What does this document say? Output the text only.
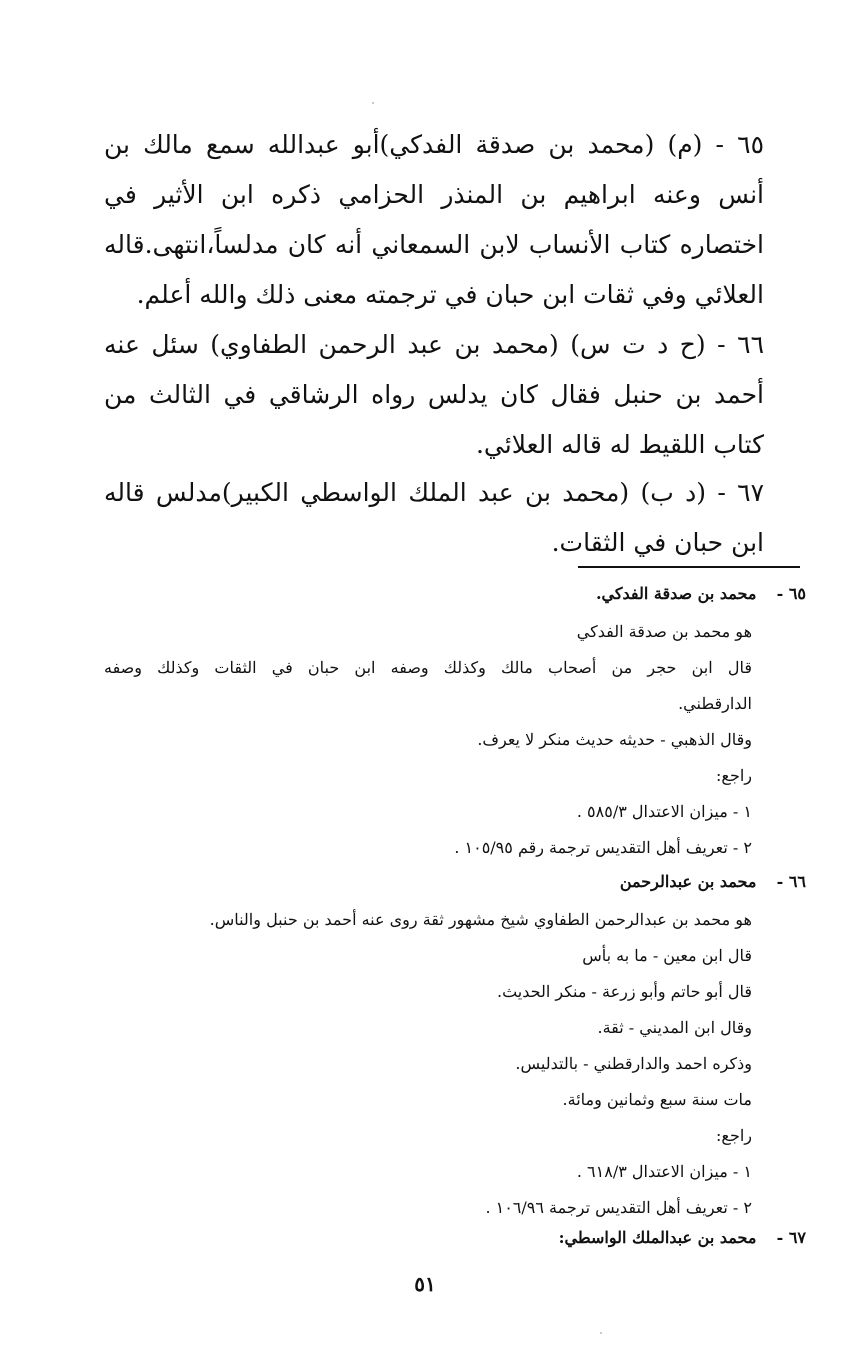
٦٥ - (م) (محمد بن صدقة الفدكي)أبو عبدالله سمع مالك بن أنس وعنه ابراهيم بن المنذر الحزامي ذكره ابن الأثير في اختصاره كتاب الأنساب لابن السمعاني أنه كان مدلساً،انتهى.قاله العلائي وفي ثقات ابن حبان في ترجمته معنى ذلك والله أعلم.
٦٦ - (ح د ت س) (محمد بن عبد الرحمن الطفاوي) سئل عنه أحمد بن حنبل فقال كان يدلس رواه الرشاقي في الثالث من كتاب اللقيط له قاله العلائي.
٦٧ - (د ب) (محمد بن عبد الملك الواسطي الكبير)مدلس قاله ابن حبان في الثقات.
٦٥ - محمد بن صدقة الفدكي.
هو محمد بن صدقة الفدكي
قال ابن حجر من أصحاب مالك وكذلك وصفه ابن حبان في الثقات وكذلك وصفه
الدارقطني.
وقال الذهبي - حديثه حديث منكر لا يعرف.
راجع:
١ - ميزان الاعتدال ٥٨٥/٣ .
٢ - تعريف أهل التقديس ترجمة رقم ١٠٥/٩٥ .
٦٦ - محمد بن عبدالرحمن
هو محمد بن عبدالرحمن الطفاوي شيخ مشهور ثقة روى عنه أحمد بن حنبل والناس.
قال ابن معين - ما به بأس
قال أبو حاتم وأبو زرعة - منكر الحديث.
وقال ابن المديني - ثقة.
وذكره احمد والدارقطني - بالتدليس.
مات سنة سبع وثمانين ومائة.
راجع:
١ - ميزان الاعتدال ٦١٨/٣ .
٢ - تعريف أهل التقديس ترجمة ١٠٦/٩٦ .
٦٧ - محمد بن عبدالملك الواسطي:
٥١
